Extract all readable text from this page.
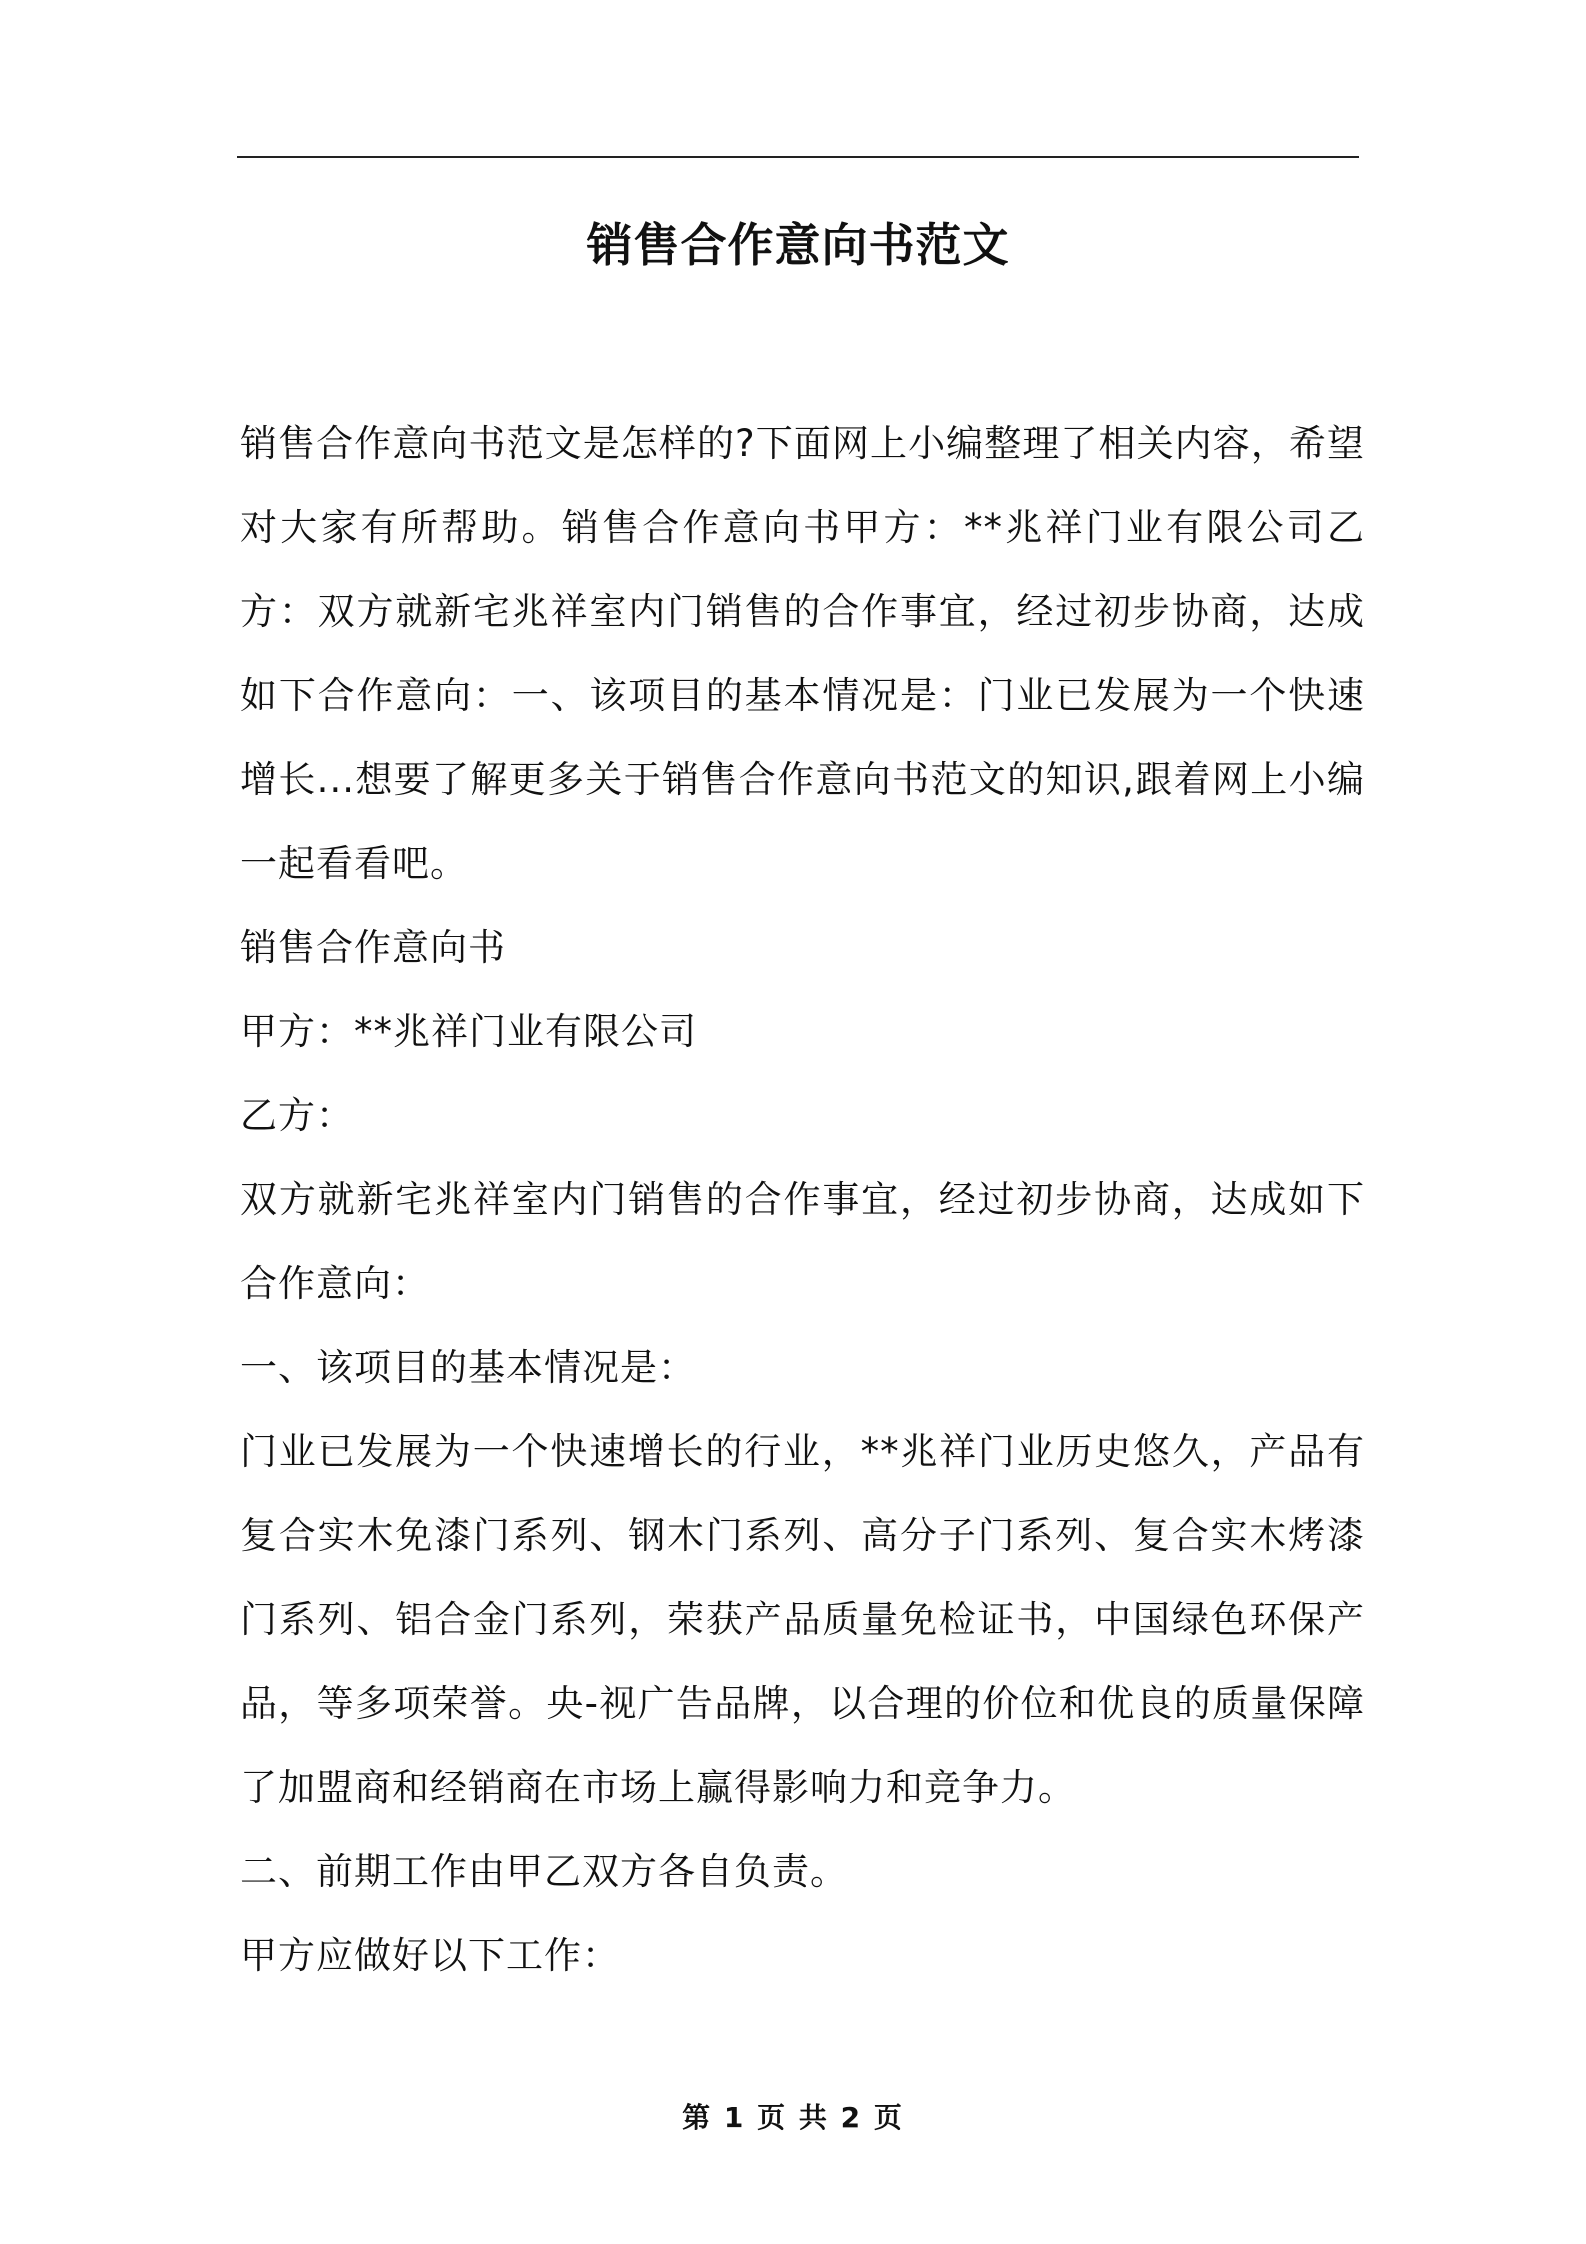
销售合作意向书范文

销售合作意向书范文是怎样的?下面网上小编整理了相关内容，希望对大家有所帮助。销售合作意向书甲方：**兆祥门业有限公司乙方：双方就新宅兆祥室内门销售的合作事宜，经过初步协商，达成如下合作意向：一、该项目的基本情况是：门业已发展为一个快速增长...想要了解更多关于销售合作意向书范文的知识,跟着网上小编一起看看吧。

销售合作意向书

甲方：**兆祥门业有限公司

乙方：

双方就新宅兆祥室内门销售的合作事宜，经过初步协商，达成如下合作意向：

一、该项目的基本情况是：

门业已发展为一个快速增长的行业，**兆祥门业历史悠久，产品有复合实木免漆门系列、钢木门系列、高分子门系列、复合实木烤漆门系列、铝合金门系列，荣获产品质量免检证书，中国绿色环保产品，等多项荣誉。央-视广告品牌，以合理的价位和优良的质量保障了加盟商和经销商在市场上赢得影响力和竞争力。

二、前期工作由甲乙双方各自负责。

甲方应做好以下工作：

第 1 页 共 2 页
